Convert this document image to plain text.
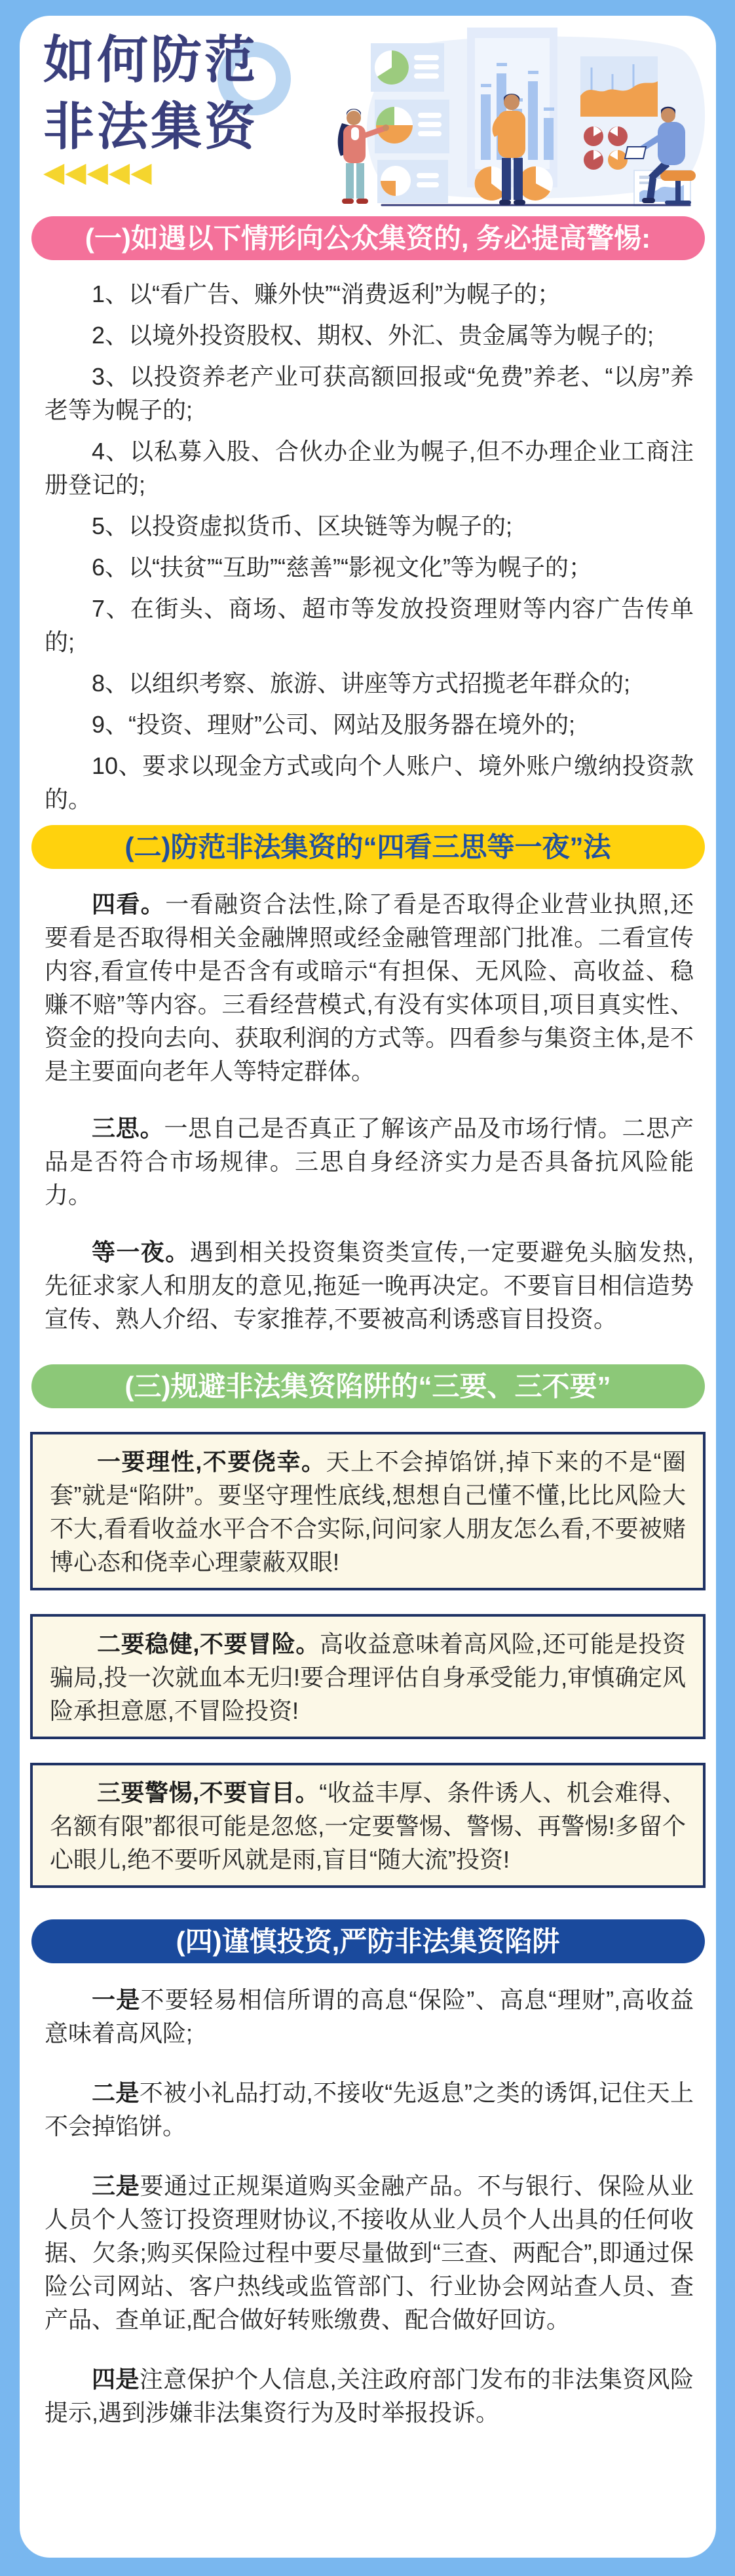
如何防范
非法集资
◀◀◀◀◀
(一)如遇以下情形向公众集资的, 务必提高警惕:

1、以“看广告、赚外快”“消费返利”为幌子的；

2、以境外投资股权、期权、外汇、贵金属等为幌子的;

3、以投资养老产业可获高额回报或“免费”养老、“以房”养老等为幌子的;

4、以私募入股、合伙办企业为幌子,但不办理企业工商注册登记的;

5、以投资虚拟货币、区块链等为幌子的;

6、以“扶贫”“互助”“慈善”“影视文化”等为幌子的；

7、在街头、商场、超市等发放投资理财等内容广告传单的;

8、以组织考察、旅游、讲座等方式招揽老年群众的;

9、“投资、理财”公司、网站及服务器在境外的;

10、要求以现金方式或向个人账户、境外账户缴纳投资款的。

(二)防范非法集资的“四看三思等一夜”法

四看。一看融资合法性,除了看是否取得企业营业执照,还要看是否取得相关金融牌照或经金融管理部门批准。二看宣传内容,看宣传中是否含有或暗示“有担保、无风险、高收益、稳赚不赔”等内容。三看经营模式,有没有实体项目,项目真实性、资金的投向去向、获取利润的方式等。四看参与集资主体,是不是主要面向老年人等特定群体。

三思。一思自己是否真正了解该产品及市场行情。二思产品是否符合市场规律。三思自身经济实力是否具备抗风险能力。

等一夜。遇到相关投资集资类宣传,一定要避免头脑发热,先征求家人和朋友的意见,拖延一晚再决定。不要盲目相信造势宣传、熟人介绍、专家推荐,不要被高利诱惑盲目投资。

(三)规避非法集资陷阱的“三要、三不要”

一要理性,不要侥幸。天上不会掉馅饼,掉下来的不是“圈套”就是“陷阱”。要坚守理性底线,想想自己懂不懂,比比风险大不大,看看收益水平合不合实际,问问家人朋友怎么看,不要被赌博心态和侥幸心理蒙蔽双眼!

二要稳健,不要冒险。高收益意味着高风险,还可能是投资骗局,投一次就血本无归!要合理评估自身承受能力,审慎确定风险承担意愿,不冒险投资!

三要警惕,不要盲目。“收益丰厚、条件诱人、机会难得、名额有限”都很可能是忽悠,一定要警惕、警惕、再警惕!多留个心眼儿,绝不要听风就是雨,盲目“随大流”投资!

(四)谨慎投资,严防非法集资陷阱

一是不要轻易相信所谓的高息“保险”、高息“理财”,高收益意味着高风险;

二是不被小礼品打动,不接收“先返息”之类的诱饵,记住天上不会掉馅饼。

三是要通过正规渠道购买金融产品。不与银行、保险从业人员个人签订投资理财协议,不接收从业人员个人出具的任何收据、欠条;购买保险过程中要尽量做到“三查、两配合”,即通过保险公司网站、客户热线或监管部门、行业协会网站查人员、查产品、查单证,配合做好转账缴费、配合做好回访。

四是注意保护个人信息,关注政府部门发布的非法集资风险提示,遇到涉嫌非法集资行为及时举报投诉。
